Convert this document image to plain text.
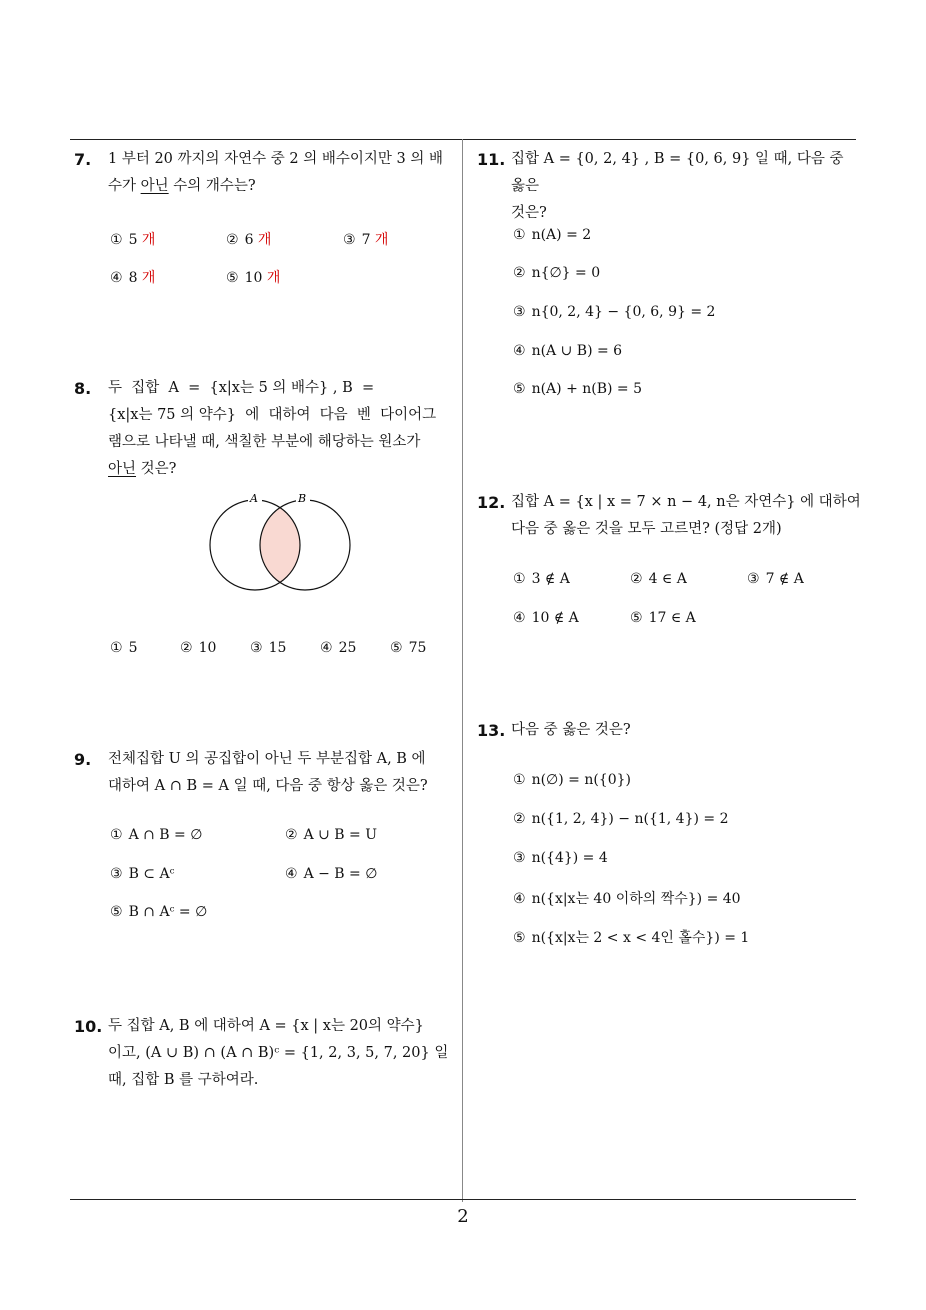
7. 1 부터 20 까지의 자연수 중 2 의 배수이지만 3 의 배
수가 아닌 수의 개수는?
① 5 개	② 6 개	③ 7 개
④ 8 개	⑤ 10 개
8. 두  집합  A  =  {x|x는 5 의 배수} , B  =
{x|x는 75 의 약수}  에  대하여  다음  벤  다이어그
램으로 나타낼 때, 색칠한 부분에 해당하는 원소가
아닌 것은?
A	B
① 5	② 10 ③ 15 ④ 25 ⑤ 75
9. 전체집합 U 의 공집합이 아닌 두 부분집합 A, B 에
대하여 A ∩ B = A 일 때, 다음 중 항상 옳은 것은?
① A ∩ B = ∅	② A ∪ B = U
③ B ⊂ Aᶜ	④ A − B = ∅
⑤ B ∩ Aᶜ = ∅
10. 두 집합 A, B 에 대하여 A = {x | x는 20의 약수}
이고, (A ∪ B) ∩ (A ∩ B)ᶜ = {1, 2, 3, 5, 7, 20} 일
때, 집합 B 를 구하여라.
11. 집합 A = {0, 2, 4} , B = {0, 6, 9} 일 때, 다음 중 옳은
것은?
① n(A) = 2
② n{∅} = 0
③ n{0, 2, 4} − {0, 6, 9} = 2
④ n(A ∪ B) = 6
⑤ n(A) + n(B) = 5
12. 집합 A = {x | x = 7 × n − 4, n은 자연수} 에 대하여
다음 중 옳은 것을 모두 고르면? (정답 2개)
① 3 ∉ A	② 4 ∈ A	③ 7 ∉ A
④ 10 ∉ A	⑤ 17 ∈ A
13. 다음 중 옳은 것은?
① n(∅) = n({0})
② n({1, 2, 4}) − n({1, 4}) = 2
③ n({4}) = 4
④ n({x|x는 40 이하의 짝수}) = 40
⑤ n({x|x는 2 < x < 4인 홀수}) = 1
2
